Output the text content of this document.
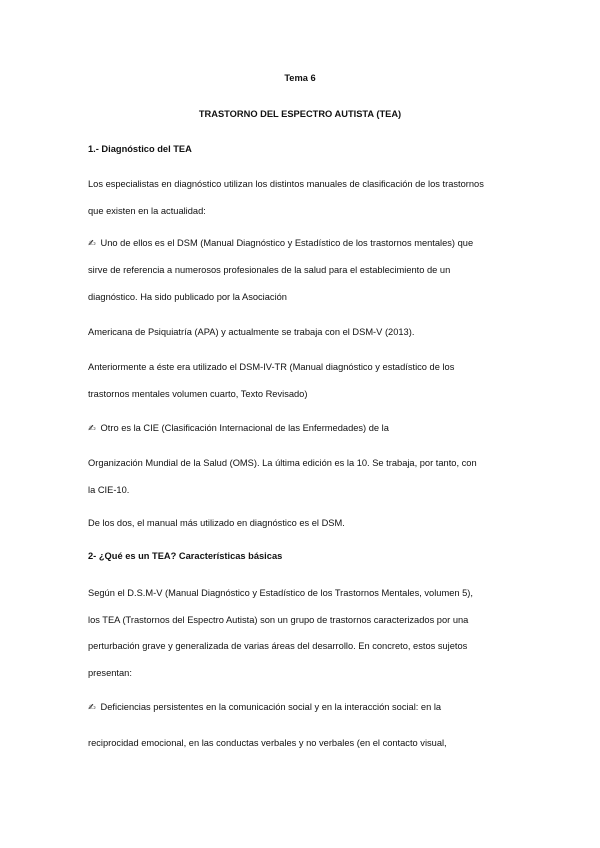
Tema 6

TRASTORNO DEL ESPECTRO AUTISTA (TEA)

1.- Diagnóstico del TEA

Los especialistas en diagnóstico utilizan los distintos manuales de clasificación de los trastornos

que existen en la actualidad:

✍ Uno de ellos es el DSM (Manual Diagnóstico y Estadístico de los trastornos mentales) que

sirve de referencia a numerosos profesionales de la salud para el establecimiento de un

diagnóstico. Ha sido publicado por la Asociación

Americana de Psiquiatría (APA) y actualmente se trabaja con el DSM-V (2013).

Anteriormente a éste era utilizado el DSM-IV-TR (Manual diagnóstico y estadístico de los

trastornos mentales volumen cuarto, Texto Revisado)

✍ Otro es la CIE (Clasificación Internacional de las Enfermedades) de la

Organización Mundial de la Salud (OMS). La última edición es la 10. Se trabaja, por tanto, con

la CIE-10.

De los dos, el manual más utilizado en diagnóstico es el DSM.

2- ¿Qué es un TEA? Características básicas

Según el D.S.M-V (Manual Diagnóstico y Estadístico de los Trastornos Mentales, volumen 5),

los TEA (Trastornos del Espectro Autista) son un grupo de trastornos caracterizados por una

perturbación grave y generalizada de varias áreas del desarrollo. En concreto, estos sujetos

presentan:

✍ Deficiencias persistentes en la comunicación social y en la interacción social: en la

reciprocidad emocional, en las conductas verbales y no verbales (en el contacto visual,
